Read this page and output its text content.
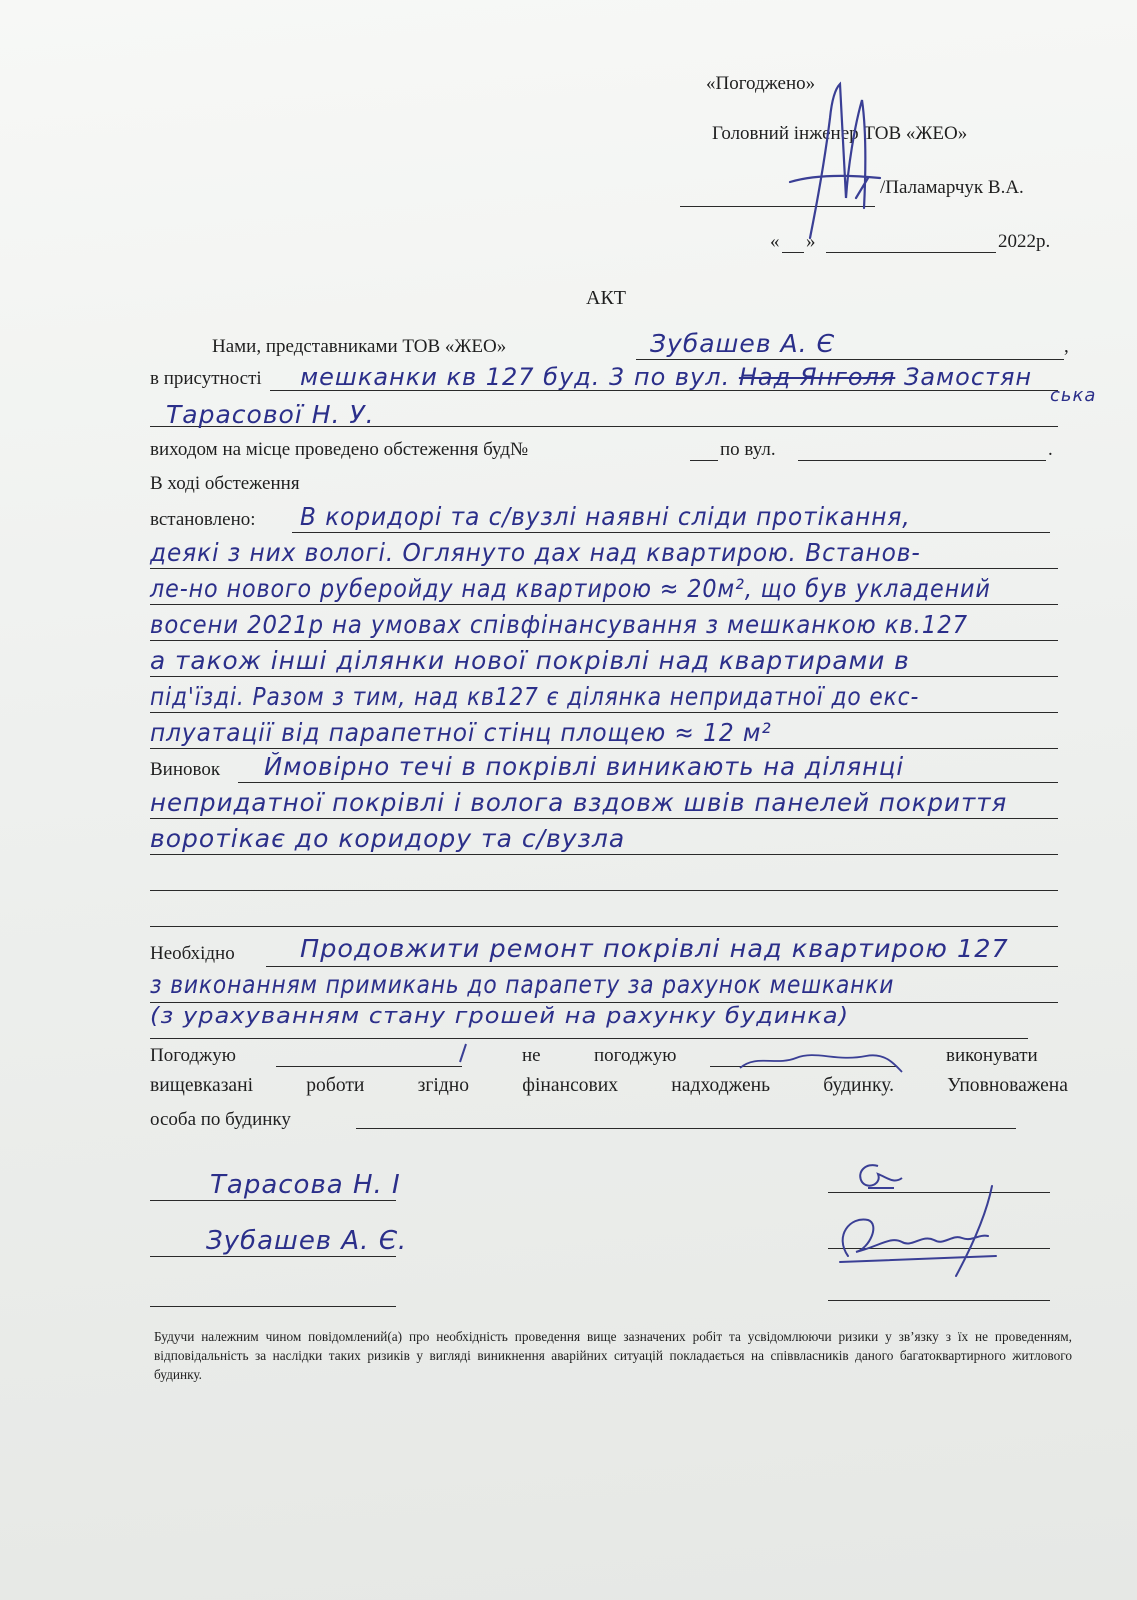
«Погоджено»
Головний інженер ТОВ «ЖЕО»
/Паламарчук В.А.
« »	2022р.
АКТ
Нами, представниками ТОВ «ЖЕО»	Зубашев А. Є	,
в присутності мешканки кв 127 буд. 3 по вул. Над Янголя Замостян
ська
Тарасової Н. У.
виходом на місце проведено обстеження буд№	по вул.	.
В ході обстеження
встановлено: В коридорі та с/вузлі наявні сліди протікання,
деякі з них вологі. Оглянуто дах над квартирою. Встанов-
ле-но нового руберойду над квартирою ≈ 20м², що був укладений
восени 2021р на умовах співфінансування з мешканкою кв.127
а також інші ділянки нової покрівлі над квартирами в
під'їзді. Разом з тим, над кв127 є ділянка непридатної до екс-
плуатації від парапетної стінц площею ≈ 12 м²
Виновок Ймовірно течі в покрівлі виникають на ділянці
непридатної покрівлі і волога вздовж швів панелей покриття
воротікає до коридору та с/вузла
Необхідно	Продовжити ремонт покрівлі над квартирою 127
з виконанням примикань до парапету за рахунок мешканки
(з урахуванням стану грошей на рахунку будинка)
Погоджую	не	погоджую	виконувати
вищевказані роботи згідно фінансових надходжень будинку. Уповноважена
особа по будинку
Тарасова Н. І
Зубашев А. Є.
Будучи належним чином повідомлений(а) про необхідність проведення вище зазначених робіт та усвідомлюючи ризики у зв’язку з їх не проведенням, відповідальність за наслідки таких ризиків у вигляді виникнення аварійних ситуацій покладається на співвласників даного багатоквартирного житлового будинку.
